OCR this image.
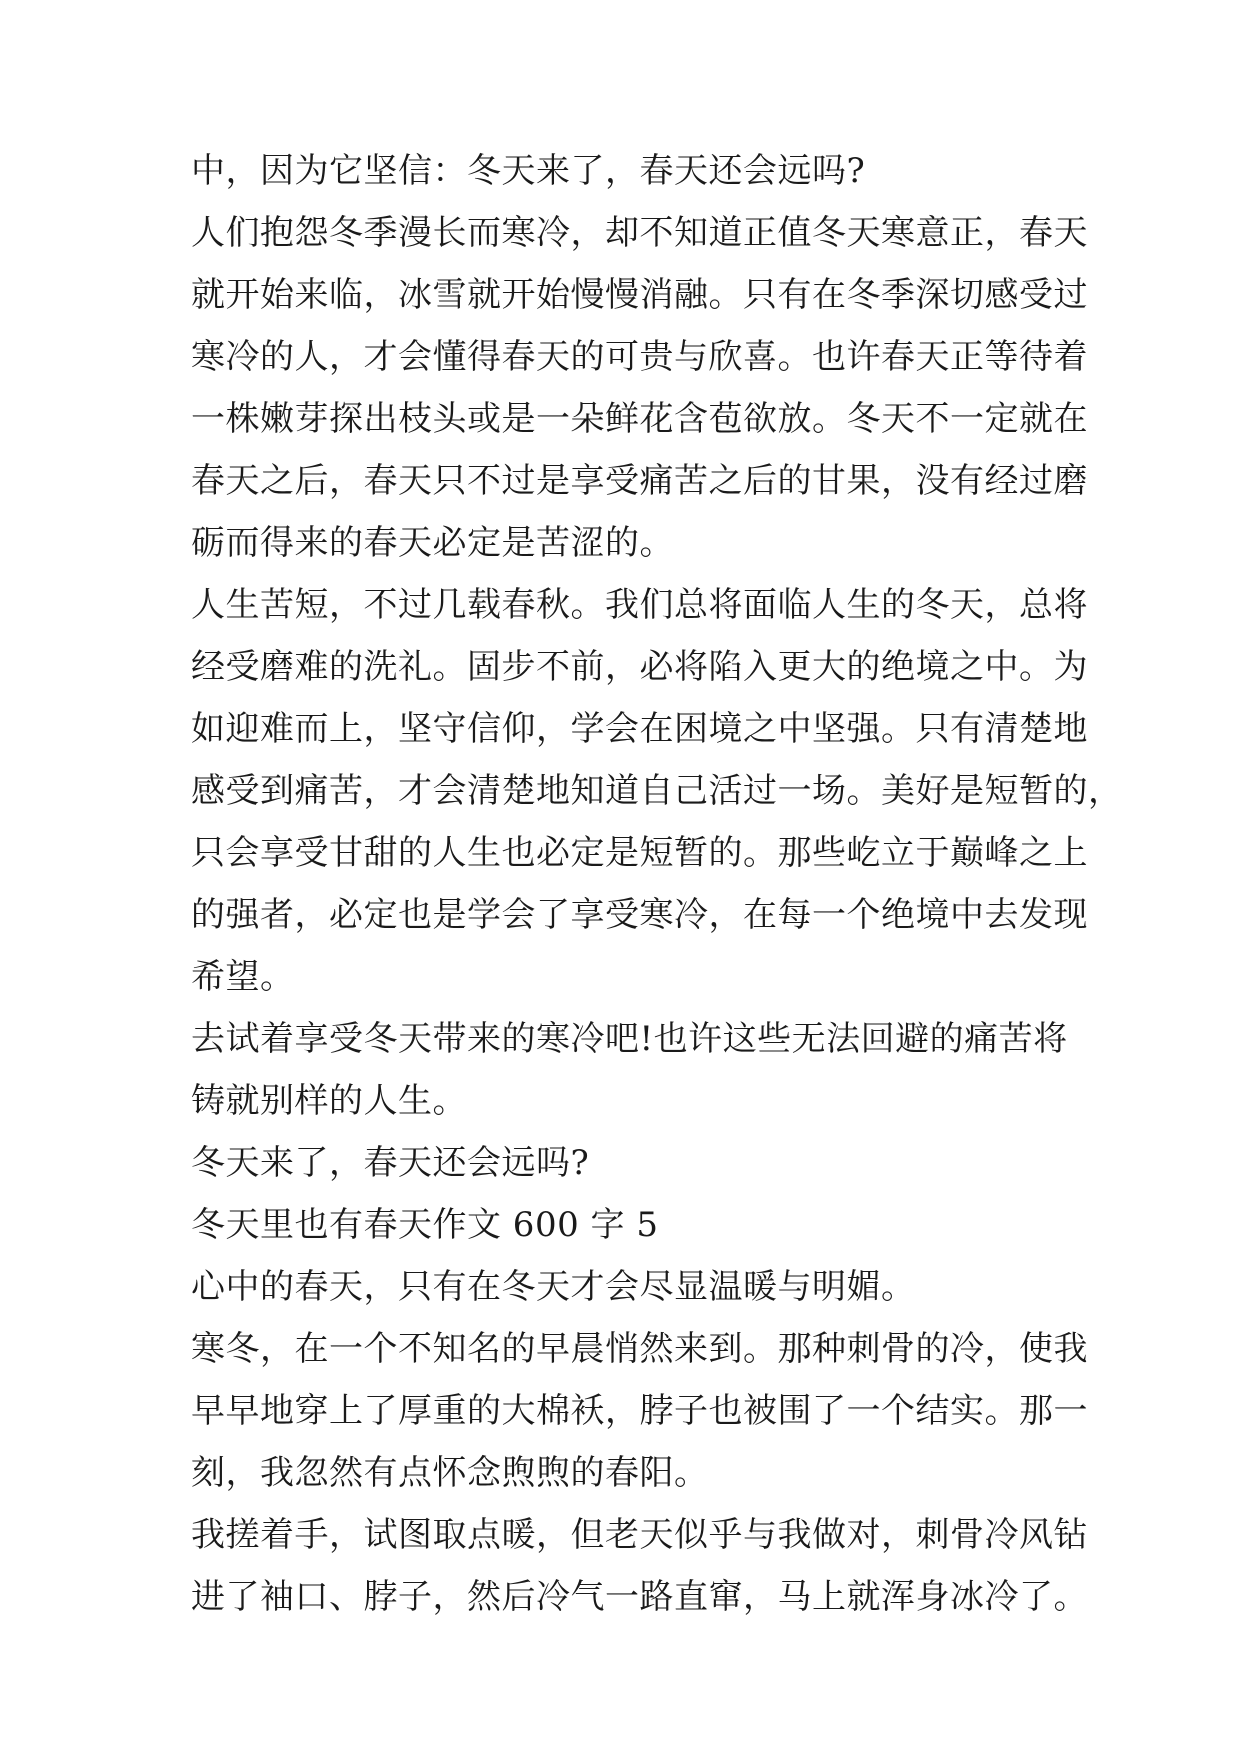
中，因为它坚信：冬天来了，春天还会远吗?
人们抱怨冬季漫长而寒冷，却不知道正值冬天寒意正，春天
就开始来临，冰雪就开始慢慢消融。只有在冬季深切感受过
寒冷的人，才会懂得春天的可贵与欣喜。也许春天正等待着
一株嫩芽探出枝头或是一朵鲜花含苞欲放。冬天不一定就在
春天之后，春天只不过是享受痛苦之后的甘果，没有经过磨
砺而得来的春天必定是苦涩的。
人生苦短，不过几载春秋。我们总将面临人生的冬天，总将
经受磨难的洗礼。固步不前，必将陷入更大的绝境之中。为
如迎难而上，坚守信仰，学会在困境之中坚强。只有清楚地
感受到痛苦，才会清楚地知道自己活过一场。美好是短暂的，
只会享受甘甜的人生也必定是短暂的。那些屹立于巅峰之上
的强者，必定也是学会了享受寒冷，在每一个绝境中去发现
希望。
去试着享受冬天带来的寒冷吧!也许这些无法回避的痛苦将
铸就别样的人生。
冬天来了，春天还会远吗?
冬天里也有春天作文 600 字 5
心中的春天，只有在冬天才会尽显温暖与明媚。
寒冬，在一个不知名的早晨悄然来到。那种刺骨的冷，使我
早早地穿上了厚重的大棉袄，脖子也被围了一个结实。那一
刻，我忽然有点怀念煦煦的春阳。
我搓着手，试图取点暖，但老天似乎与我做对，刺骨冷风钻
进了袖口、脖子，然后冷气一路直窜，马上就浑身冰冷了。
